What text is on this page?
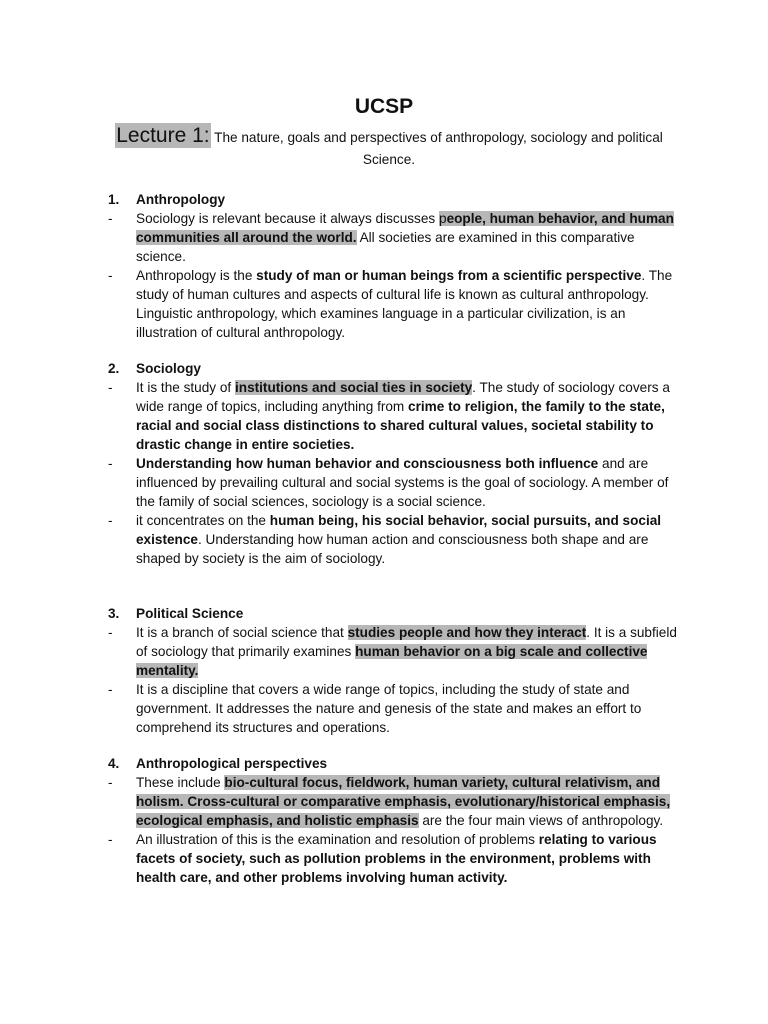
UCSP

Lecture 1: The nature, goals and perspectives of anthropology, sociology and political Science.

1.	Anthropology
-	Sociology is relevant because it always discusses people, human behavior, and human communities all around the world. All societies are examined in this comparative science.
-	Anthropology is the study of man or human beings from a scientific perspective. The study of human cultures and aspects of cultural life is known as cultural anthropology. Linguistic anthropology, which examines language in a particular civilization, is an illustration of cultural anthropology.
2.	Sociology
-	It is the study of institutions and social ties in society. The study of sociology covers a wide range of topics, including anything from crime to religion, the family to the state, racial and social class distinctions to shared cultural values, societal stability to drastic change in entire societies.
-	Understanding how human behavior and consciousness both influence and are influenced by prevailing cultural and social systems is the goal of sociology. A member of the family of social sciences, sociology is a social science.
-	it concentrates on the human being, his social behavior, social pursuits, and social existence. Understanding how human action and consciousness both shape and are shaped by society is the aim of sociology.
3.	Political Science
-	It is a branch of social science that studies people and how they interact. It is a subfield of sociology that primarily examines human behavior on a big scale and collective mentality.
-	It is a discipline that covers a wide range of topics, including the study of state and government. It addresses the nature and genesis of the state and makes an effort to comprehend its structures and operations.
4.	Anthropological perspectives
-	These include bio-cultural focus, fieldwork, human variety, cultural relativism, and holism. Cross-cultural or comparative emphasis, evolutionary/historical emphasis, ecological emphasis, and holistic emphasis are the four main views of anthropology.
-	An illustration of this is the examination and resolution of problems relating to various facets of society, such as pollution problems in the environment, problems with health care, and other problems involving human activity.
